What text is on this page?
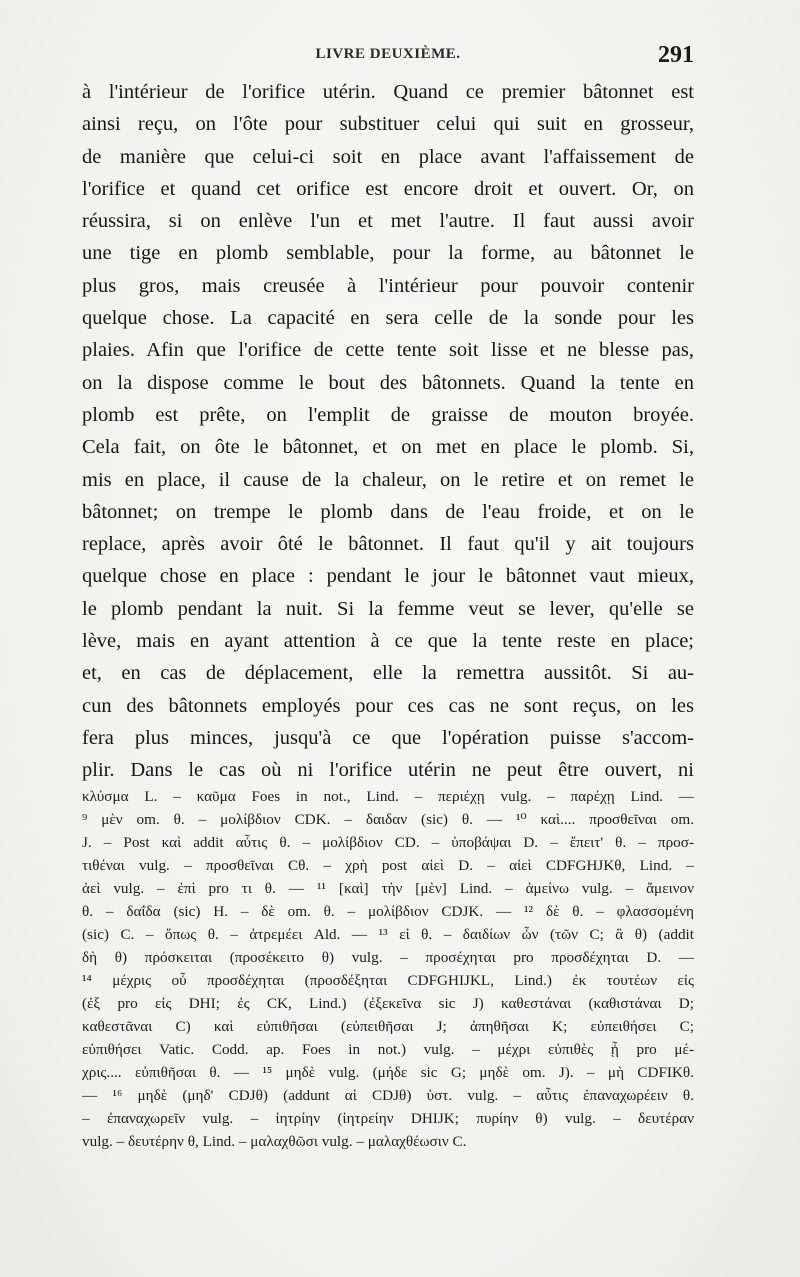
LIVRE DEUXIÈME.	291
à l'intérieur de l'orifice utérin. Quand ce premier bâtonnet est
ainsi reçu, on l'ôte pour substituer celui qui suit en grosseur,
de manière que celui-ci soit en place avant l'affaissement de
l'orifice et quand cet orifice est encore droit et ouvert. Or, on
réussira, si on enlève l'un et met l'autre. Il faut aussi avoir
une tige en plomb semblable, pour la forme, au bâtonnet le
plus gros, mais creusée à l'intérieur pour pouvoir contenir
quelque chose. La capacité en sera celle de la sonde pour les
plaies. Afin que l'orifice de cette tente soit lisse et ne blesse pas,
on la dispose comme le bout des bâtonnets. Quand la tente en
plomb est prête, on l'emplit de graisse de mouton broyée.
Cela fait, on ôte le bâtonnet, et on met en place le plomb. Si,
mis en place, il cause de la chaleur, on le retire et on remet le
bâtonnet; on trempe le plomb dans de l'eau froide, et on le
replace, après avoir ôté le bâtonnet. Il faut qu'il y ait toujours
quelque chose en place : pendant le jour le bâtonnet vaut mieux,
le plomb pendant la nuit. Si la femme veut se lever, qu'elle se
lève, mais en ayant attention à ce que la tente reste en place;
et, en cas de déplacement, elle la remettra aussitôt. Si au-
cun des bâtonnets employés pour ces cas ne sont reçus, on les
fera plus minces, jusqu'à ce que l'opération puisse s'accom-
plir. Dans le cas où ni l'orifice utérin ne peut être ouvert, ni
κλύσμα L. – καῦμα Foes in not., Lind. – περιέχῃ vulg. – παρέχῃ Lind. —
⁹ μὲν om. θ. – μολίβδιον CDK. – δαιδαν (sic) θ. — ¹⁰ καὶ.... προσθεῖναι om.
J. – Post καὶ addit αὖτις θ. – μολίβδιον CD. – ὑποβάψαι D. – ἔπειτ' θ. – προσ-
τιθέναι vulg. – προσθεῖναι Cθ. – χρὴ post αἰεὶ D. – αἰεὶ CDFGHJKθ, Lind. –
ἀεὶ vulg. – ἐπὶ pro τι θ. — ¹¹ [καὶ] τὴν [μὲν] Lind. – ἀμείνω vulg. – ἄμεινον
θ. – δαΐδα (sic) H. – δὲ om. θ. – μολίβδιον CDJK. — ¹² δὲ θ. – φλασσομένη
(sic) C. – ὅπως θ. – ἀτρεμέει Ald. — ¹³ εἰ θ. – δαιδίων ὧν (τῶν C; ἃ θ) (addit
δὴ θ) πρόσκειται (προσέκειτο θ) vulg. – προσέχηται pro προσδέχηται D. —
¹⁴ μέχρις οὗ προσδέχηται (προσδέξηται CDFGHIJKL, Lind.) ἐκ τουτέων εἰς
(ἐξ pro εἰς DHI; ἐς CK, Lind.) (ἐξεκεῖνα sic J) καθεστάναι (καθιστάναι D;
καθεστᾶναι C) καὶ εὐπιθῆσαι (εὐπειθῆσαι J; ἀπηθῆσαι K; εὐπειθήσει C;
εὐπιθήσει Vatic. Codd. ap. Foes in not.) vulg. – μέχρι εὐπιθὲς ᾖ pro μέ-
χρις.... εὐπιθῆσαι θ. — ¹⁵ μηδὲ vulg. (μήδε sic G; μηδὲ om. J). – μὴ CDFIKθ.
— ¹⁶ μηδὲ (μηδ' CDJθ) (addunt αἱ CDJθ) ὑστ. vulg. – αὖτις ἐπαναχωρέειν θ.
– ἐπαναχωρεῖν vulg. – ἰητρίην (ἰητρείην DHIJK; πυρίην θ) vulg. – δευτέραν
vulg. – δευτέρην θ, Lind. – μαλαχθῶσι vulg. – μαλαχθέωσιν C.
